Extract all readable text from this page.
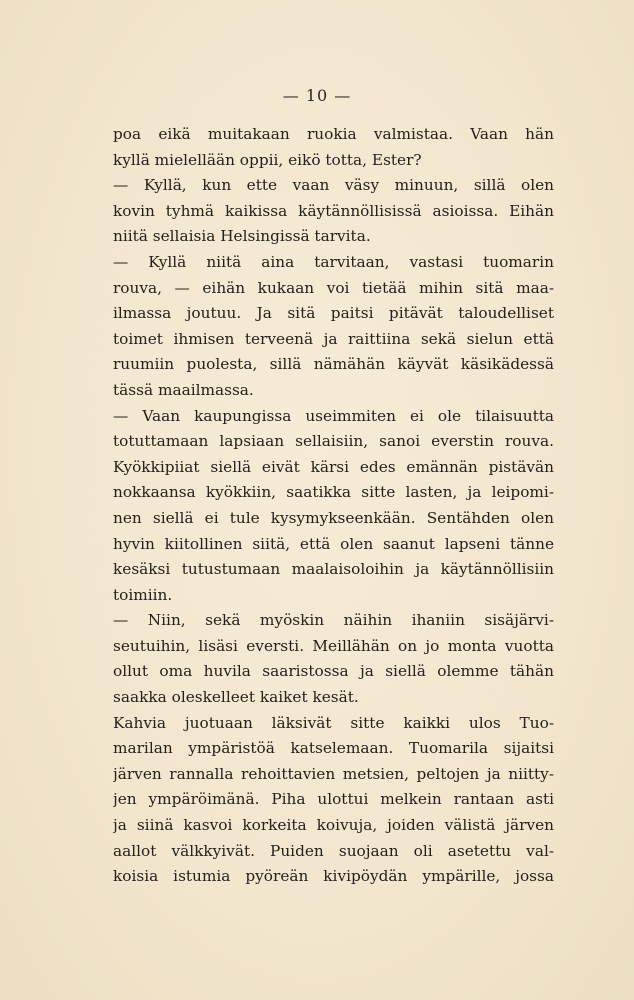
— 10 —
poa eikä muitakaan ruokia valmistaa. Vaan hän
kyllä mielellään oppii, eikö totta, Ester?
— Kyllä, kun ette vaan väsy minuun, sillä olen
kovin tyhmä kaikissa käytännöllisissä asioissa. Eihän
niitä sellaisia Helsingissä tarvita.
— Kyllä niitä aina tarvitaan, vastasi tuomarin
rouva, — eihän kukaan voi tietää mihin sitä maa-
ilmassa joutuu. Ja sitä paitsi pitävät taloudelliset
toimet ihmisen terveenä ja raittiina sekä sielun että
ruumiin puolesta, sillä nämähän käyvät käsikädessä
tässä maailmassa.
— Vaan kaupungissa useimmiten ei ole tilaisuutta
totuttamaan lapsiaan sellaisiin, sanoi everstin rouva.
Kyökkipiiat siellä eivät kärsi edes emännän pistävän
nokkaansa kyökkiin, saatikka sitte lasten, ja leipomi-
nen siellä ei tule kysymykseenkään. Sentähden olen
hyvin kiitollinen siitä, että olen saanut lapseni tänne
kesäksi tutustumaan maalaisoloihin ja käytännöllisiin
toimiin.
— Niin, sekä myöskin näihin ihaniin sisäjärvi-
seutuihin, lisäsi eversti. Meillähän on jo monta vuotta
ollut oma huvila saaristossa ja siellä olemme tähän
saakka oleskelleet kaiket kesät.
Kahvia juotuaan läksivät sitte kaikki ulos Tuo-
marilan ympäristöä katselemaan. Tuomarila sijaitsi
järven rannalla rehoittavien metsien, peltojen ja niitty-
jen ympäröimänä. Piha ulottui melkein rantaan asti
ja siinä kasvoi korkeita koivuja, joiden välistä järven
aallot välkkyivät. Puiden suojaan oli asetettu val-
koisia istumia pyöreän kivipöydän ympärille, jossa
